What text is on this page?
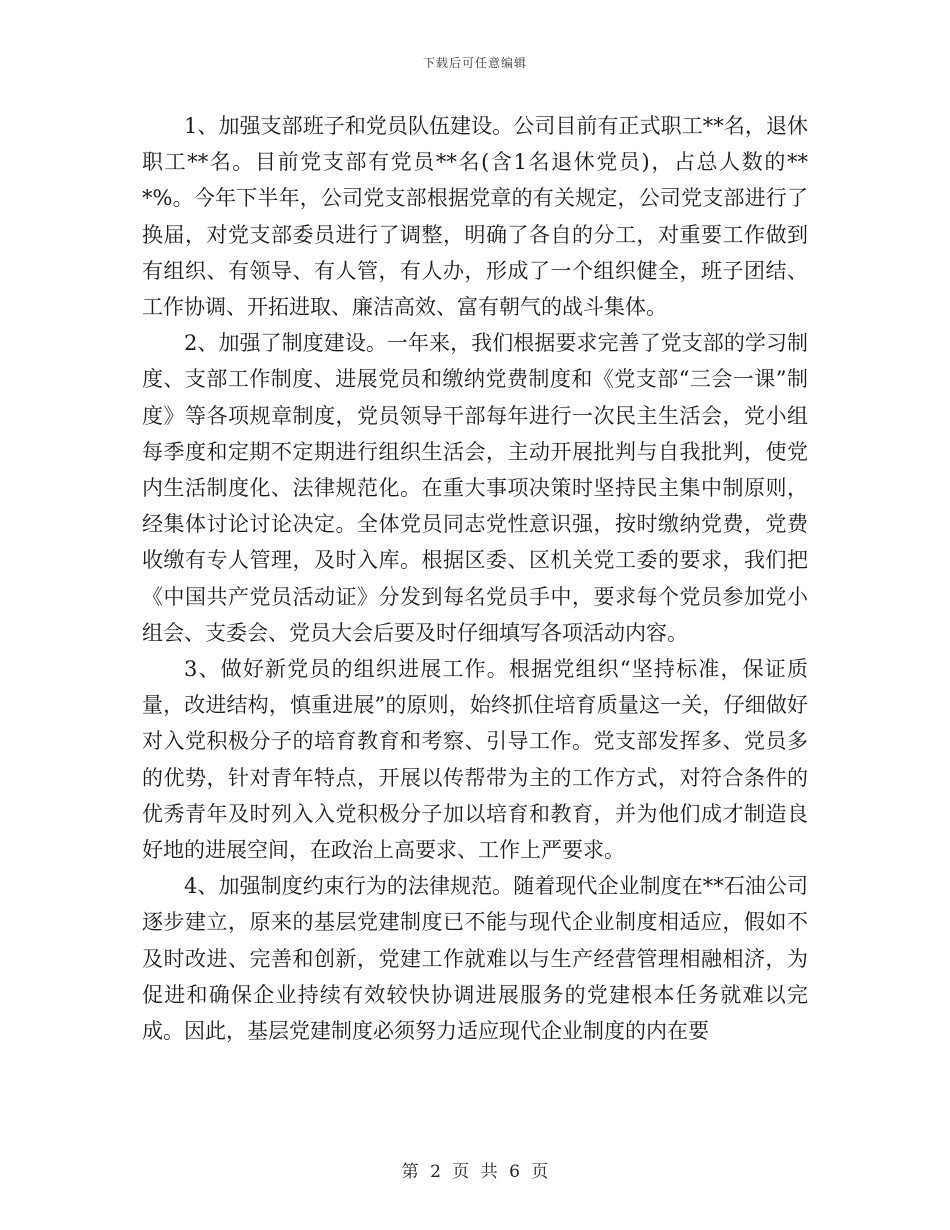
下载后可任意编辑

1、加强支部班子和党员队伍建设。公司目前有正式职工**名，退休职工**名。目前党支部有党员**名(含1名退休党员)，占总人数的***%。今年下半年，公司党支部根据党章的有关规定，公司党支部进行了换届，对党支部委员进行了调整，明确了各自的分工，对重要工作做到有组织、有领导、有人管，有人办，形成了一个组织健全，班子团结、工作协调、开拓进取、廉洁高效、富有朝气的战斗集体。

2、加强了制度建设。一年来，我们根据要求完善了党支部的学习制度、支部工作制度、进展党员和缴纳党费制度和《党支部“三会一课”制度》等各项规章制度，党员领导干部每年进行一次民主生活会，党小组每季度和定期不定期进行组织生活会，主动开展批判与自我批判，使党内生活制度化、法律规范化。在重大事项决策时坚持民主集中制原则，经集体讨论讨论决定。全体党员同志党性意识强，按时缴纳党费，党费收缴有专人管理，及时入库。根据区委、区机关党工委的要求，我们把《中国共产党员活动证》分发到每名党员手中，要求每个党员参加党小组会、支委会、党员大会后要及时仔细填写各项活动内容。

3、做好新党员的组织进展工作。根据党组织“坚持标准，保证质量，改进结构，慎重进展”的原则，始终抓住培育质量这一关，仔细做好对入党积极分子的培育教育和考察、引导工作。党支部发挥多、党员多的优势，针对青年特点，开展以传帮带为主的工作方式，对符合条件的优秀青年及时列入入党积极分子加以培育和教育，并为他们成才制造良好地的进展空间，在政治上高要求、工作上严要求。

4、加强制度约束行为的法律规范。随着现代企业制度在**石油公司逐步建立，原来的基层党建制度已不能与现代企业制度相适应，假如不及时改进、完善和创新，党建工作就难以与生产经营管理相融相济，为促进和确保企业持续有效较快协调进展服务的党建根本任务就难以完成。因此，基层党建制度必须努力适应现代企业制度的内在要

第 2 页 共 6 页
